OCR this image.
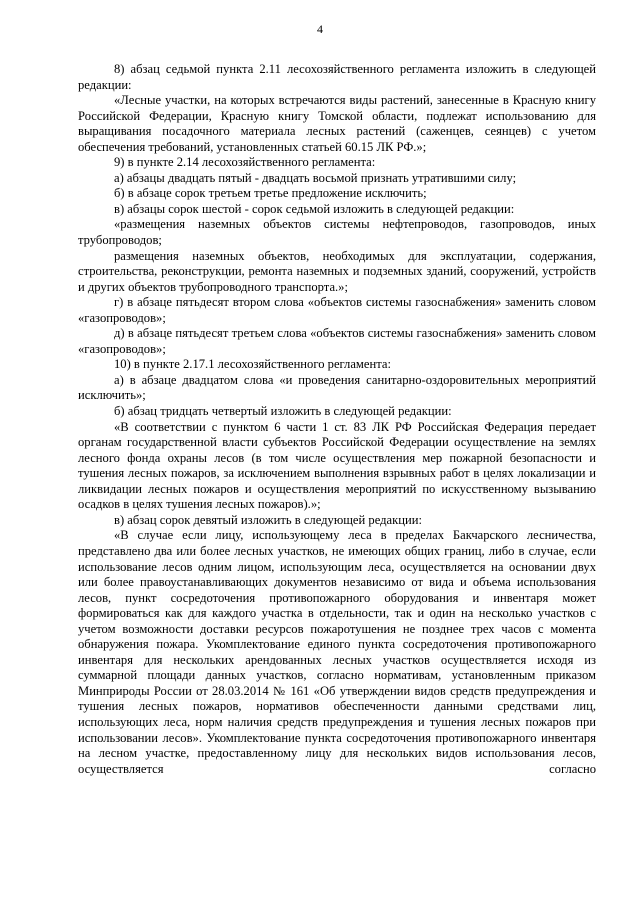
4

8) абзац седьмой пункта 2.11 лесохозяйственного регламента изложить в следующей редакции:

«Лесные участки, на которых встречаются виды растений, занесенные в Красную книгу Российской Федерации, Красную книгу Томской области, подлежат использованию для выращивания посадочного материала лесных растений (саженцев, сеянцев) с учетом обеспечения требований, установленных статьей 60.15 ЛК РФ.»;

9) в пункте 2.14 лесохозяйственного регламента:

а) абзацы двадцать пятый - двадцать восьмой признать утратившими силу;

б) в абзаце сорок третьем третье предложение исключить;

в) абзацы сорок шестой - сорок седьмой изложить в следующей редакции:

«размещения наземных объектов системы нефтепроводов, газопроводов, иных трубопроводов;

размещения наземных объектов, необходимых для эксплуатации, содержания, строительства, реконструкции, ремонта наземных и подземных зданий, сооружений, устройств и других объектов трубопроводного транспорта.»;

г) в абзаце пятьдесят втором слова «объектов системы газоснабжения» заменить словом «газопроводов»;

д) в абзаце пятьдесят третьем слова «объектов системы газоснабжения» заменить словом «газопроводов»;

10) в пункте 2.17.1 лесохозяйственного регламента:

а) в абзаце двадцатом слова «и проведения санитарно-оздоровительных мероприятий исключить»;

б) абзац тридцать четвертый изложить в следующей редакции:

«В соответствии с пунктом 6 части 1 ст. 83 ЛК РФ Российская Федерация передает органам государственной власти субъектов Российской Федерации осуществление на землях лесного фонда охраны лесов (в том числе осуществления мер пожарной безопасности и тушения лесных пожаров, за исключением выполнения взрывных работ в целях локализации и ликвидации лесных пожаров и осуществления мероприятий по искусственному вызыванию осадков в целях тушения лесных пожаров).»;

в) абзац сорок девятый изложить в следующей редакции:

«В случае если лицу, использующему леса в пределах Бакчарского лесничества, представлено два или более лесных участков, не имеющих общих границ, либо в случае, если использование лесов одним лицом, использующим леса, осуществляется на основании двух или более правоустанавливающих документов независимо от вида и объема использования лесов, пункт сосредоточения противопожарного оборудования и инвентаря может формироваться как для каждого участка в отдельности, так и один на несколько участков с учетом возможности доставки ресурсов пожаротушения не позднее трех часов с момента обнаружения пожара. Укомплектование единого пункта сосредоточения противопожарного инвентаря для нескольких арендованных лесных участков осуществляется исходя из суммарной площади данных участков, согласно нормативам, установленным приказом Минприроды России от 28.03.2014 № 161 «Об утверждении видов средств предупреждения и тушения лесных пожаров, нормативов обеспеченности данными средствами лиц, использующих леса, норм наличия средств предупреждения и тушения лесных пожаров при использовании лесов». Укомплектование пункта сосредоточения противопожарного инвентаря на лесном участке, предоставленному лицу для нескольких видов использования лесов, осуществляется согласно
